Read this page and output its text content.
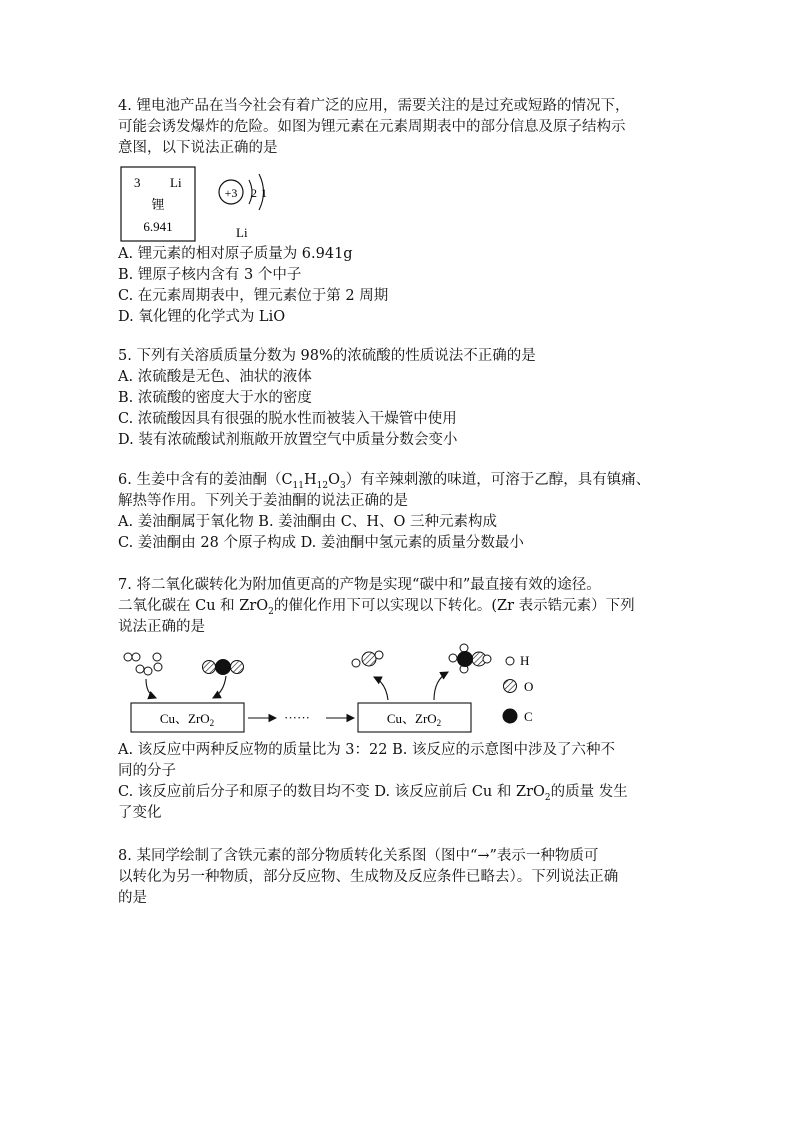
4. 锂电池产品在当今社会有着广泛的应用，需要关注的是过充或短路的情况下，
可能会诱发爆炸的危险。如图为锂元素在元素周期表中的部分信息及原子结构示
意图，以下说法正确的是
3 Li
锂
6.941
+3 2 1
Li
A. 锂元素的相对原子质量为 6.941g
B. 锂原子核内含有 3 个中子
C. 在元素周期表中，锂元素位于第 2 周期
D. 氧化锂的化学式为 LiO
5. 下列有关溶质质量分数为 98%的浓硫酸的性质说法不正确的是
A. 浓硫酸是无色、油状的液体
B. 浓硫酸的密度大于水的密度
C. 浓硫酸因具有很强的脱水性而被装入干燥管中使用
D. 装有浓硫酸试剂瓶敞开放置空气中质量分数会变小
6. 生姜中含有的姜油酮$(C_{11}H_{12}O_3)$有辛辣刺激的味道，可溶于乙醇，具有镇痛、
解热等作用。下列关于姜油酮的说法正确的是
A. 姜油酮属于氧化物 B. 姜油酮由 C、H、O 三种元素构成
C. 姜油酮由 28 个原子构成 D. 姜油酮中氢元素的质量分数最小
7. 将二氧化碳转化为附加值更高的产物是实现“碳中和”最直接有效的途径。
二氧化碳在 Cu 和 ZrO$_2$的催化作用下可以实现以下转化。(Zr 表示锆元素）下列
说法正确的是
Cu、ZrO$_2$	······	Cu、ZrO$_2$
H
O
C
A. 该反应中两种反应物的质量比为 3：22 B. 该反应的示意图中涉及了六种不
同的分子
C. 该反应前后分子和原子的数目均不变 D. 该反应前后 Cu 和 ZrO$_2$的质量 发生
了变化
8. 某同学绘制了含铁元素的部分物质转化关系图（图中“→”表示一种物质可
以转化为另一种物质，部分反应物、生成物及反应条件已略去）。下列说法正确
的是
